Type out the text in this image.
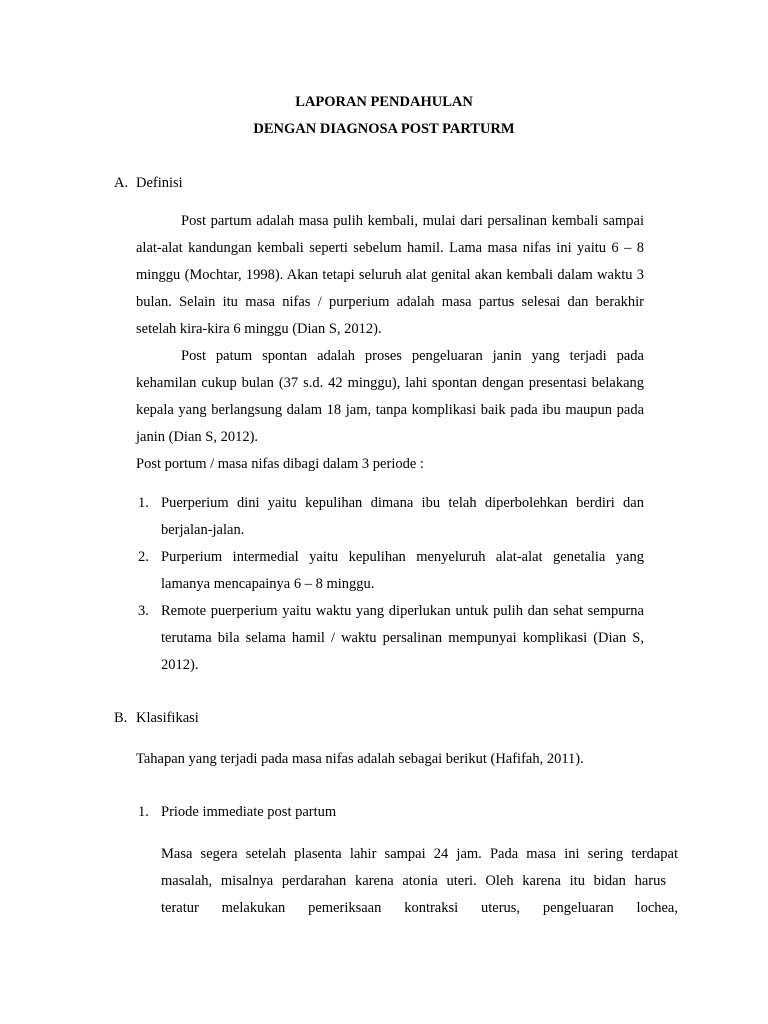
LAPORAN PENDAHULAN
DENGAN DIAGNOSA POST PARTURM
A. Definisi

Post partum adalah masa pulih kembali, mulai dari persalinan kembali sampai alat-alat kandungan kembali seperti sebelum hamil. Lama masa nifas ini yaitu 6 – 8 minggu (Mochtar, 1998). Akan tetapi seluruh alat genital akan kembali dalam waktu 3 bulan. Selain itu masa nifas / purperium adalah masa partus selesai dan berakhir setelah kira-kira 6 minggu (Dian S, 2012).

Post patum spontan adalah proses pengeluaran janin yang terjadi pada kehamilan cukup bulan (37 s.d. 42 minggu), lahi spontan dengan presentasi belakang kepala yang berlangsung dalam 18 jam, tanpa komplikasi baik pada ibu maupun pada janin (Dian S, 2012).

Post portum / masa nifas dibagi dalam 3 periode :

1. Puerperium dini yaitu kepulihan dimana ibu telah diperbolehkan berdiri dan berjalan-jalan.
2. Purperium intermedial yaitu kepulihan menyeluruh alat-alat genetalia yang lamanya mencapainya 6 – 8 minggu.
3. Remote puerperium yaitu waktu yang diperlukan untuk pulih dan sehat sempurna terutama bila selama hamil / waktu persalinan mempunyai komplikasi (Dian S, 2012).
B. Klasifikasi

Tahapan yang terjadi pada masa nifas adalah sebagai berikut (Hafifah, 2011).

1. Priode immediate post partum
Masa segera setelah plasenta lahir sampai 24 jam. Pada masa ini sering terdapat
masalah, misalnya perdarahan karena atonia uteri. Oleh karena itu bidan harus
teratur melakukan pemeriksaan kontraksi uterus, pengeluaran lochea,
